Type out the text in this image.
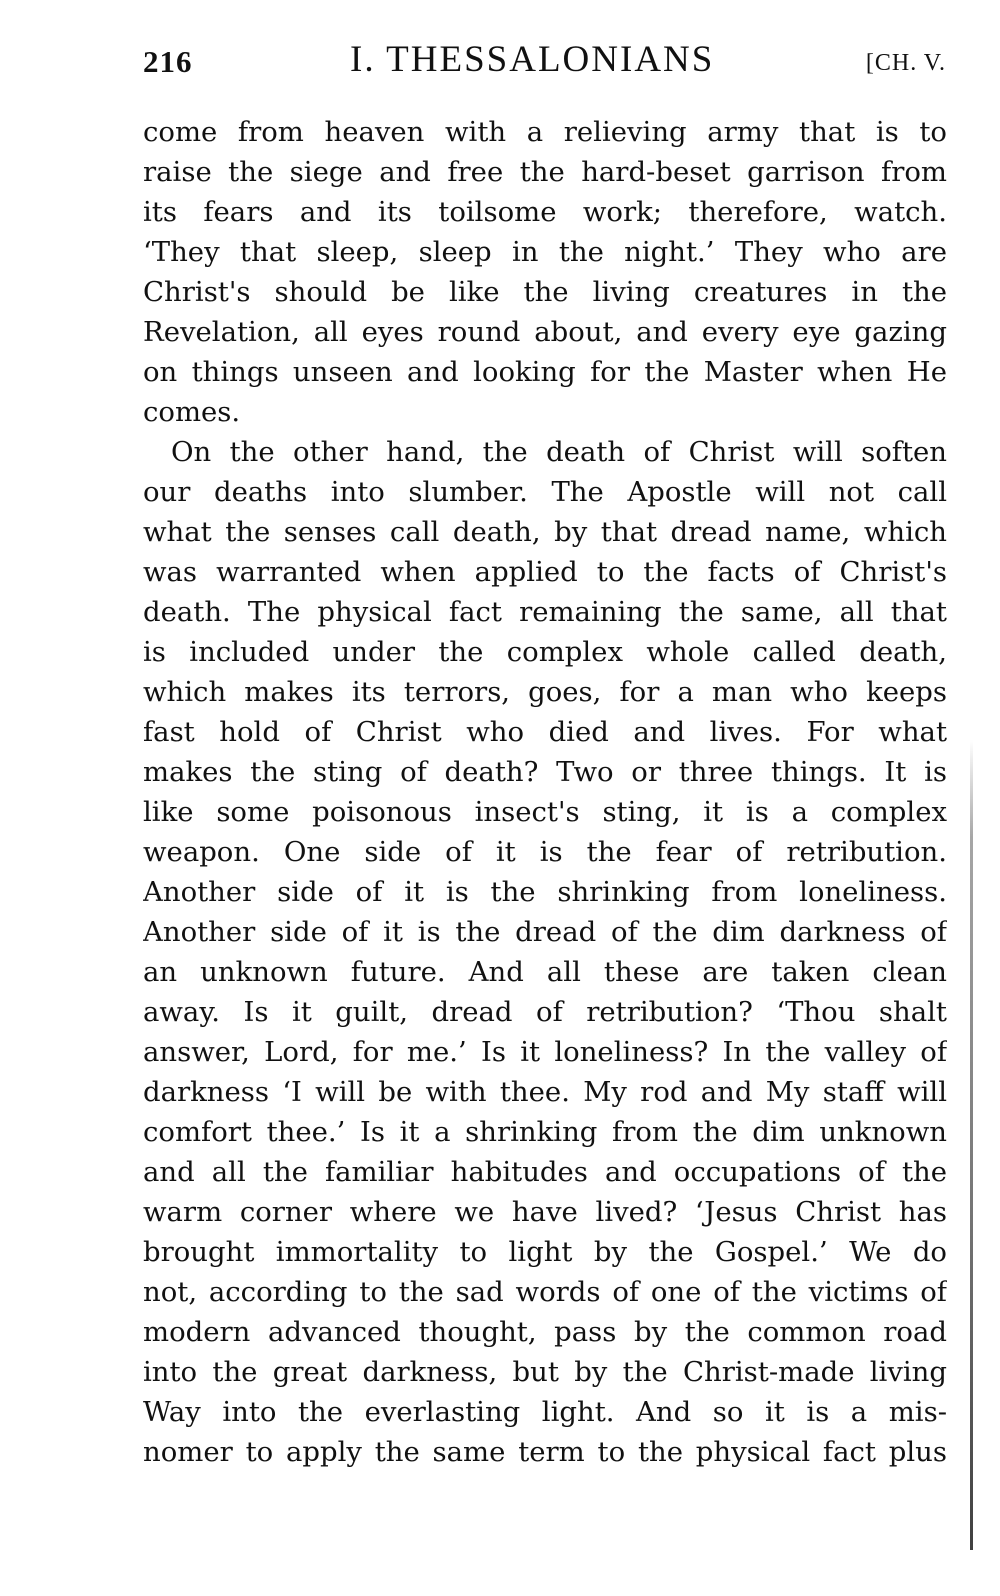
216	I. THESSALONIANS	[CH. V.
come from heaven with a relieving army that is to
raise the siege and free the hard-beset garrison from
its fears and its toilsome work; therefore, watch.
‘They that sleep, sleep in the night.’ They who are
Christ's should be like the living creatures in the
Revelation, all eyes round about, and every eye gazing
on things unseen and looking for the Master when He
comes.
On the other hand, the death of Christ will soften
our deaths into slumber. The Apostle will not call
what the senses call death, by that dread name, which
was warranted when applied to the facts of Christ's
death. The physical fact remaining the same, all that
is included under the complex whole called death,
which makes its terrors, goes, for a man who keeps
fast hold of Christ who died and lives. For what
makes the sting of death? Two or three things. It is
like some poisonous insect's sting, it is a complex
weapon. One side of it is the fear of retribution.
Another side of it is the shrinking from loneliness.
Another side of it is the dread of the dim darkness of
an unknown future. And all these are taken clean
away. Is it guilt, dread of retribution? ‘Thou shalt
answer, Lord, for me.’ Is it loneliness? In the valley of
darkness ‘I will be with thee. My rod and My staff will
comfort thee.’ Is it a shrinking from the dim unknown
and all the familiar habitudes and occupations of the
warm corner where we have lived? ‘Jesus Christ has
brought immortality to light by the Gospel.’ We do
not, according to the sad words of one of the victims of
modern advanced thought, pass by the common road
into the great darkness, but by the Christ-made living
Way into the everlasting light. And so it is a mis-
nomer to apply the same term to the physical fact plus
